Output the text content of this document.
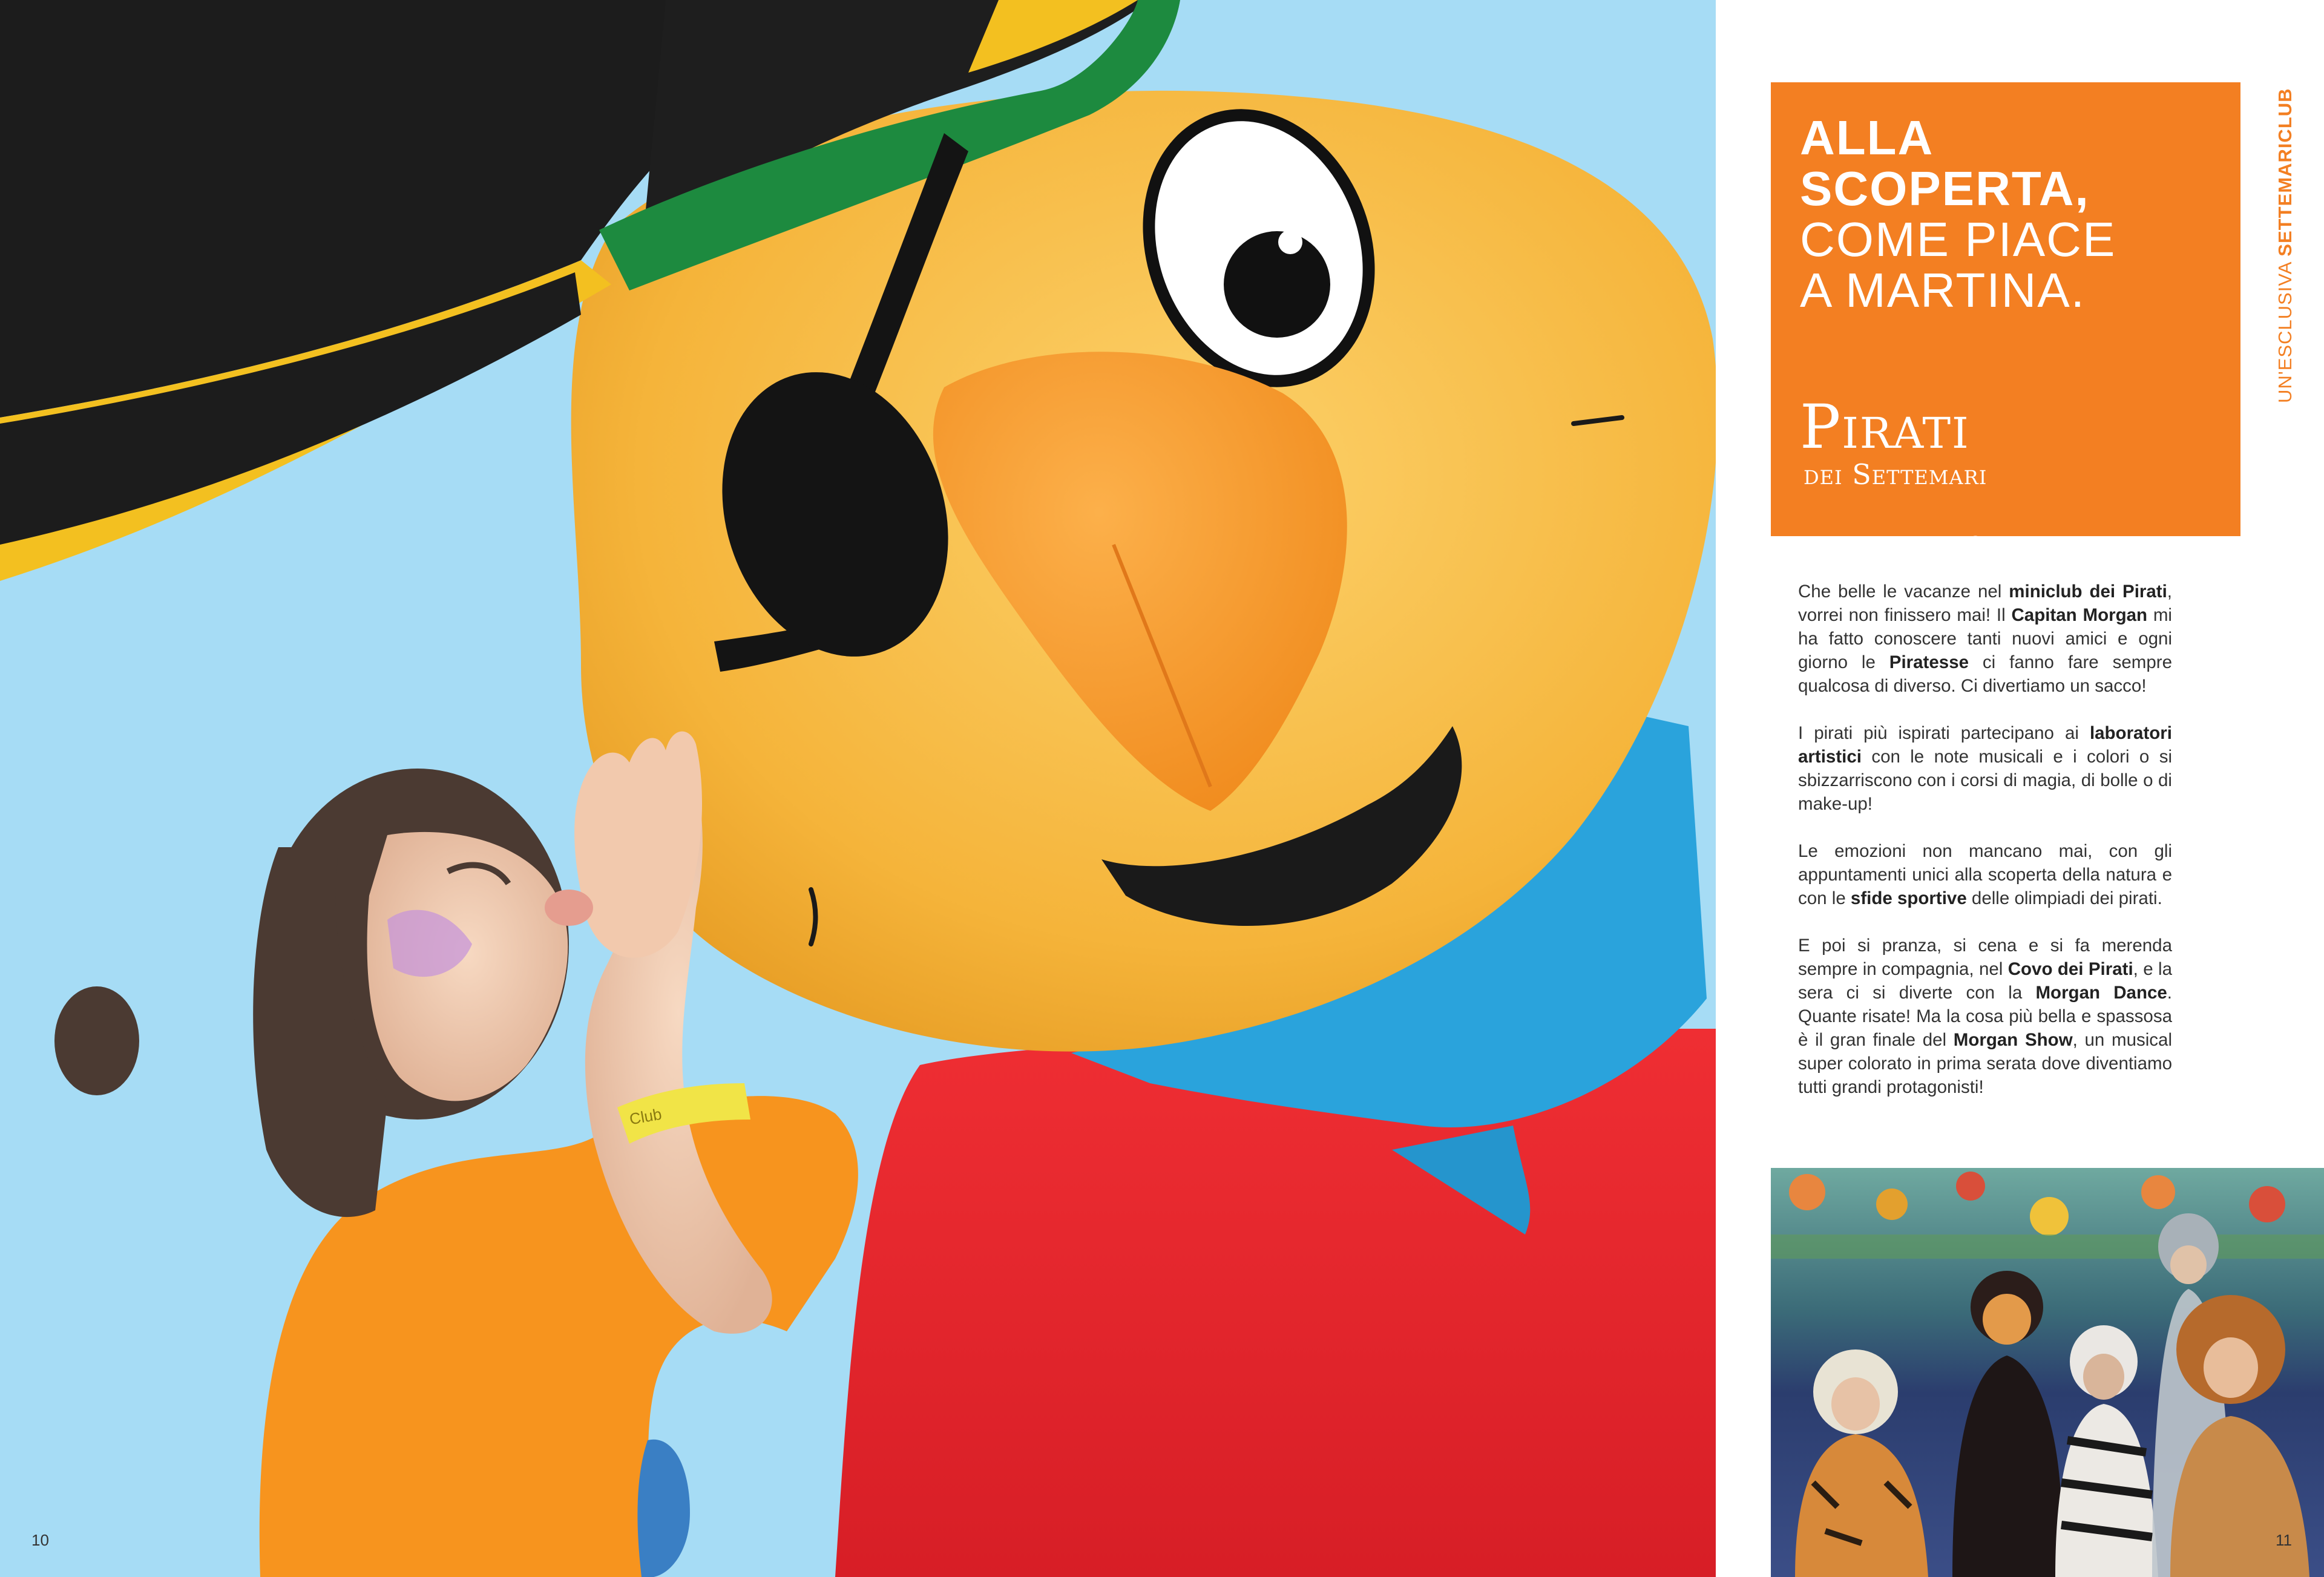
Club
10
ALLA
SCOPERTA,
COME PIACE
A MARTINA.
Pirati
dei Settemari
UN'ESCLUSIVA SETTEMARICLUB

Che belle le vacanze nel miniclub dei Pirati, vorrei non finissero mai! Il Capitan Morgan mi ha fatto conoscere tanti nuovi amici e ogni giorno le Piratesse ci fanno fare sempre qualcosa di diverso. Ci divertiamo un sacco!

I pirati più ispirati partecipano ai laboratori artistici con le note musicali e i colori o si sbizzarriscono con i corsi di magia, di bolle o di make-up!

Le emozioni non mancano mai, con gli appuntamenti unici alla scoperta della natura e con le sfide sportive delle olimpiadi dei pirati.

E poi si pranza, si cena e si fa merenda sempre in compagnia, nel Covo dei Pirati, e la sera ci si diverte con la Morgan Dance. Quante risate! Ma la cosa più bella e spassosa è il gran finale del Morgan Show, un musical super colorato in prima serata dove diventiamo tutti grandi protagonisti!

11
